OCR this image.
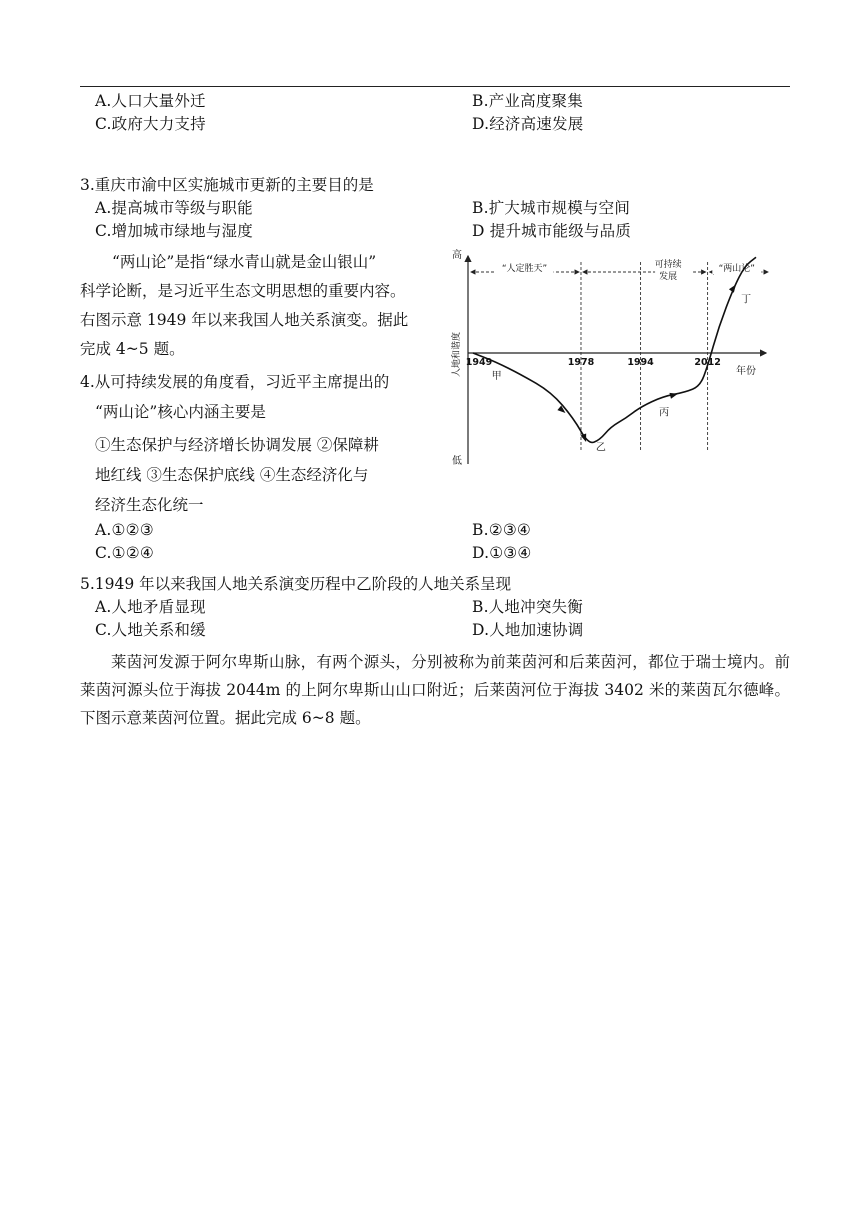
A.人口大量外迁	B.产业高度聚集
C.政府大力支持	D.经济高速发展
3.重庆市渝中区实施城市更新的主要目的是
A.提高城市等级与职能	B.扩大城市规模与空间
C.增加城市绿地与湿度	D 提升城市能级与品质
“两山论”是指“绿水青山就是金山银山”
科学论断，是习近平生态文明思想的重要内容。
右图示意 1949 年以来我国人地关系演变。据此
完成 4~5 题。
4.从可持续发展的角度看，习近平主席提出的
“两山论”核心内涵主要是
①生态保护与经济增长协调发展 ②保障耕
地红线 ③生态保护底线 ④生态经济化与
经济生态化统一
A.①②③	B.②③④
C.①②④	D.①③④
5.1949 年以来我国人地关系演变历程中乙阶段的人地关系呈现
A.人地矛盾显现	B.人地冲突失衡
C.人地关系和缓	D.人地加速协调
莱茵河发源于阿尔卑斯山脉，有两个源头，分别被称为前莱茵河和后莱茵河，都位于瑞士境内。前莱茵河源头位于海拔 2044m 的上阿尔卑斯山山口附近；后莱茵河位于海拔 3402 米的莱茵瓦尔德峰。下图示意莱茵河位置。据此完成 6~8 题。
“人定胜天”	可持续
发展
“两山论”
高
低
人地和谐度	年份
1949	1978	1994	2012
甲
乙
丙
丁
